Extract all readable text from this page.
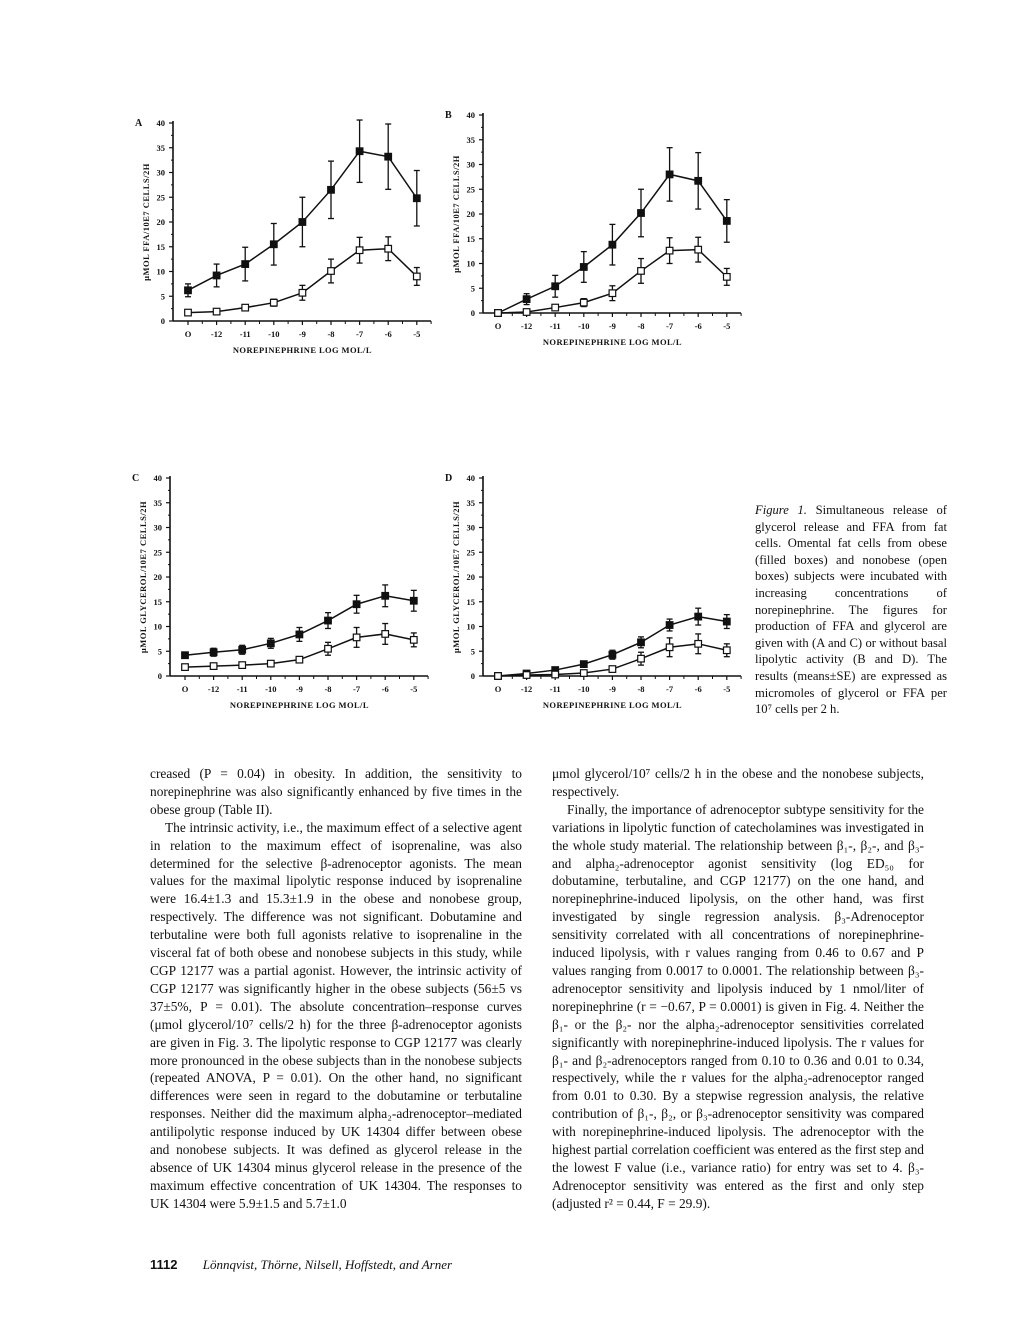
0
5
10
15
20
25
30
35
40
O -12 -11 -10 -9	-8	-7	-6	-5
NOREPINEPHRINE LOG MOL/L
μMOL FFA/10E7 CELLS/2H
A
0
5
10
15
20
25
30
35
40
O -12 -11 -10 -9	-8	-7	-6	-5
NOREPINEPHRINE LOG MOL/L
μMOL FFA/10E7 CELLS/2H
B
0
5
10
15
20
25
30
35
40
O -12 -11 -10 -9	-8	-7	-6	-5
NOREPINEPHRINE LOG MOL/L
μMOL GLYCEROL/10E7 CELLS/2H
C
0
5
10
15
20
25
30
35
40
O -12 -11 -10 -9	-8	-7	-6	-5
NOREPINEPHRINE LOG MOL/L
μMOL GLYCEROL/10E7 CELLS/2H
D
Figure 1. Simultaneous release of glycerol release and FFA from fat cells. Omental fat cells from obese (filled boxes) and nonobese (open boxes) subjects were incubated with increasing concentrations of norepinephrine. The figures for production of FFA and glycerol are given with (A and C) or without basal lipolytic activity (B and D). The results (means±SE) are expressed as micromoles of glycerol or FFA per 10⁷ cells per 2 h.

creased (P = 0.04) in obesity. In addition, the sensitivity to norepinephrine was also significantly enhanced by five times in the obese group (Table II).

The intrinsic activity, i.e., the maximum effect of a selective agent in relation to the maximum effect of isoprenaline, was also determined for the selective β-adrenoceptor agonists. The mean values for the maximal lipolytic response induced by isoprenaline were 16.4±1.3 and 15.3±1.9 in the obese and nonobese group, respectively. The difference was not significant. Dobutamine and terbutaline were both full agonists relative to isoprenaline in the visceral fat of both obese and nonobese subjects in this study, while CGP 12177 was a partial agonist. However, the intrinsic activity of CGP 12177 was significantly higher in the obese subjects (56±5 vs 37±5%, P = 0.01). The absolute concentration–response curves (μmol glycerol/10⁷ cells/2 h) for the three β-adrenoceptor agonists are given in Fig. 3. The lipolytic response to CGP 12177 was clearly more pronounced in the obese subjects than in the nonobese subjects (repeated ANOVA, P = 0.01). On the other hand, no significant differences were seen in regard to the dobutamine or terbutaline responses. Neither did the maximum alpha₂-adrenoceptor–mediated antilipolytic response induced by UK 14304 differ between obese and nonobese subjects. It was defined as glycerol release in the absence of UK 14304 minus glycerol release in the presence of the maximum effective concentration of UK 14304. The responses to UK 14304 were 5.9±1.5 and 5.7±1.0

μmol glycerol/10⁷ cells/2 h in the obese and the nonobese subjects, respectively.

Finally, the importance of adrenoceptor subtype sensitivity for the variations in lipolytic function of catecholamines was investigated in the whole study material. The relationship between β₁-, β₂-, and β₃- and alpha₂-adrenoceptor agonist sensitivity (log ED₅₀ for dobutamine, terbutaline, and CGP 12177) on the one hand, and norepinephrine-induced lipolysis, on the other hand, was first investigated by single regression analysis. β₃-Adrenoceptor sensitivity correlated with all concentrations of norepinephrine-induced lipolysis, with r values ranging from 0.46 to 0.67 and P values ranging from 0.0017 to 0.0001. The relationship between β₃-adrenoceptor sensitivity and lipolysis induced by 1 nmol/liter of norepinephrine (r = −0.67, P = 0.0001) is given in Fig. 4. Neither the β₁- or the β₂- nor the alpha₂-adrenoceptor sensitivities correlated significantly with norepinephrine-induced lipolysis. The r values for β₁- and β₂-adrenoceptors ranged from 0.10 to 0.36 and 0.01 to 0.34, respectively, while the r values for the alpha₂-adrenoceptor ranged from 0.01 to 0.30. By a stepwise regression analysis, the relative contribution of β₁-, β₂, or β₃-adrenoceptor sensitivity was compared with norepinephrine-induced lipolysis. The adrenoceptor with the highest partial correlation coefficient was entered as the first step and the lowest F value (i.e., variance ratio) for entry was set to 4. β₃-Adrenoceptor sensitivity was entered as the first and only step (adjusted r² = 0.44, F = 29.9).

1112 Lönnqvist, Thörne, Nilsell, Hoffstedt, and Arner
